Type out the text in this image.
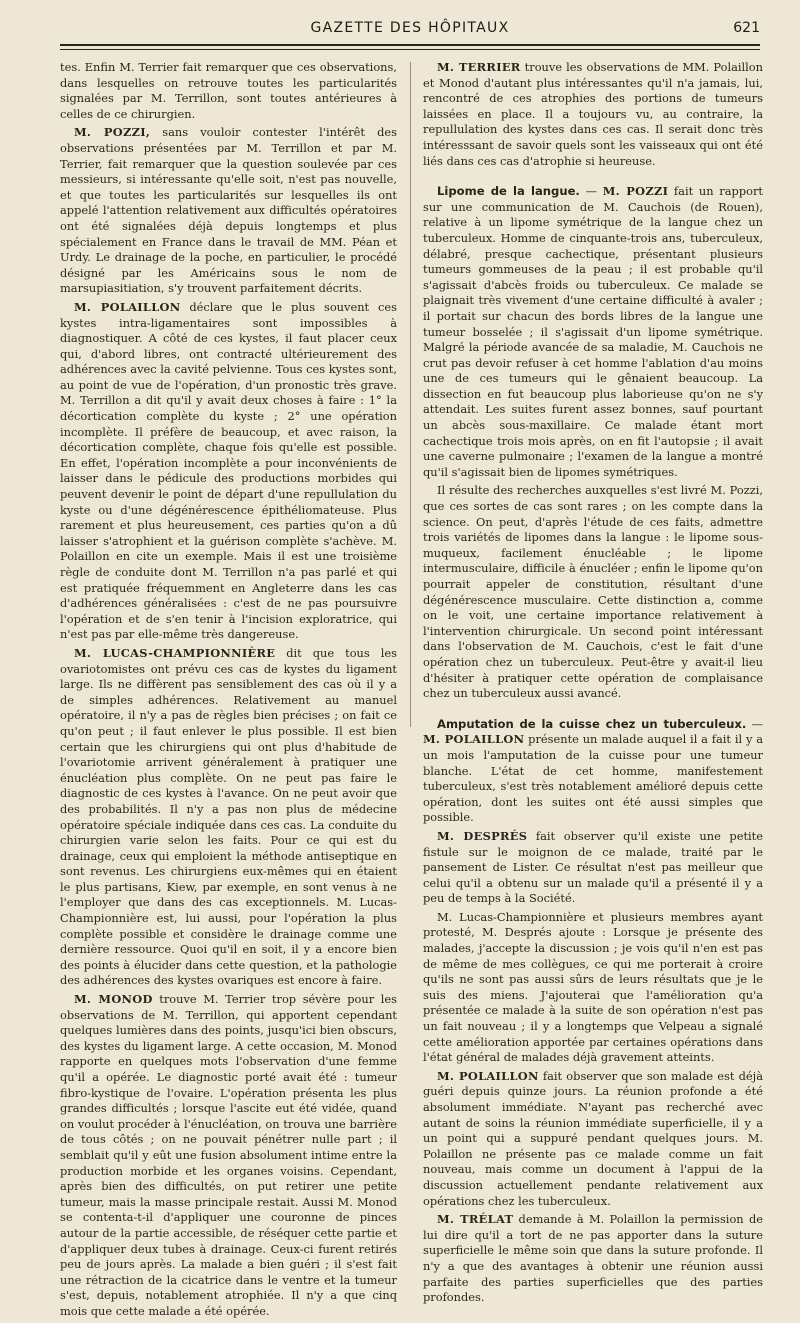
GAZETTE DES HÔPITAUX	621

tes. Enfin M. Terrier fait remarquer que ces observations, dans lesquelles on retrouve toutes les particularités signalées par M. Terrillon, sont toutes antérieures à celles de ce chirurgien.

M. POZZI, sans vouloir contester l'intérêt des observations présentées par M. Terrillon et par M. Terrier, fait remarquer que la question soulevée par ces messieurs, si intéressante qu'elle soit, n'est pas nouvelle, et que toutes les particularités sur lesquelles ils ont appelé l'attention relativement aux difficultés opératoires ont été signalées déjà depuis longtemps et plus spécialement en France dans le travail de MM. Péan et Urdy. Le drainage de la poche, en particulier, le procédé désigné par les Américains sous le nom de marsupiasitiation, s'y trouvent parfaitement décrits.

M. POLAILLON déclare que le plus souvent ces kystes intra-ligamentaires sont impossibles à diagnostiquer. A côté de ces kystes, il faut placer ceux qui, d'abord libres, ont contracté ultérieurement des adhérences avec la cavité pelvienne. Tous ces kystes sont, au point de vue de l'opération, d'un pronostic très grave. M. Terrillon a dit qu'il y avait deux choses à faire : 1° la décortication complète du kyste ; 2° une opération incomplète. Il préfère de beaucoup, et avec raison, la décortication complète, chaque fois qu'elle est possible. En effet, l'opération incomplète a pour inconvénients de laisser dans le pédicule des productions morbides qui peuvent devenir le point de départ d'une repullulation du kyste ou d'une dégénérescence épithéliomateuse. Plus rarement et plus heureusement, ces parties qu'on a dû laisser s'atrophient et la guérison complète s'achève. M. Polaillon en cite un exemple. Mais il est une troisième règle de conduite dont M. Terrillon n'a pas parlé et qui est pratiquée fréquemment en Angleterre dans les cas d'adhérences généralisées : c'est de ne pas poursuivre l'opération et de s'en tenir à l'incision exploratrice, qui n'est pas par elle-même très dangereuse.

M. LUCAS-CHAMPIONNIÈRE dit que tous les ovariotomistes ont prévu ces cas de kystes du ligament large. Ils ne diffèrent pas sensiblement des cas où il y a de simples adhérences. Relativement au manuel opératoire, il n'y a pas de règles bien précises ; on fait ce qu'on peut ; il faut enlever le plus possible. Il est bien certain que les chirurgiens qui ont plus d'habitude de l'ovariotomie arrivent généralement à pratiquer une énucléation plus complète. On ne peut pas faire le diagnostic de ces kystes à l'avance. On ne peut avoir que des probabilités. Il n'y a pas non plus de médecine opératoire spéciale indiquée dans ces cas. La conduite du chirurgien varie selon les faits. Pour ce qui est du drainage, ceux qui emploient la méthode antiseptique en sont revenus. Les chirurgiens eux-mêmes qui en étaient le plus partisans, Kiew, par exemple, en sont venus à ne l'employer que dans des cas exceptionnels. M. Lucas-Championnière est, lui aussi, pour l'opération la plus complète possible et considère le drainage comme une dernière ressource. Quoi qu'il en soit, il y a encore bien des points à élucider dans cette question, et la pathologie des adhérences des kystes ovariques est encore à faire.

M. MONOD trouve M. Terrier trop sévère pour les observations de M. Terrillon, qui apportent cependant quelques lumières dans des points, jusqu'ici bien obscurs, des kystes du ligament large. A cette occasion, M. Monod rapporte en quelques mots l'observation d'une femme qu'il a opérée. Le diagnostic porté avait été : tumeur fibro-kystique de l'ovaire. L'opération présenta les plus grandes difficultés ; lorsque l'ascite eut été vidée, quand on voulut procéder à l'énucléation, on trouva une barrière de tous côtés ; on ne pouvait pénétrer nulle part ; il semblait qu'il y eût une fusion absolument intime entre la production morbide et les organes voisins. Cependant, après bien des difficultés, on put retirer une petite tumeur, mais la masse principale restait. Aussi M. Monod se contenta-t-il d'appliquer une couronne de pinces autour de la partie accessible, de réséquer cette partie et d'appliquer deux tubes à drainage. Ceux-ci furent retirés peu de jours après. La malade a bien guéri ; il s'est fait une rétraction de la cicatrice dans le ventre et la tumeur s'est, depuis, notablement atrophiée. Il n'y a que cinq mois que cette malade a été opérée.

M. TERRIER trouve les observations de MM. Polaillon et Monod d'autant plus intéressantes qu'il n'a jamais, lui, rencontré de ces atrophies des portions de tumeurs laissées en place. Il a toujours vu, au contraire, la repullulation des kystes dans ces cas. Il serait donc très intéresssant de savoir quels sont les vaisseaux qui ont été liés dans ces cas d'atrophie si heureuse.

Lipome de la langue. — M. POZZI fait un rapport sur une communication de M. Cauchois (de Rouen), relative à un lipome symétrique de la langue chez un tuberculeux. Homme de cinquante-trois ans, tuberculeux, délabré, presque cachectique, présentant plusieurs tumeurs gommeuses de la peau ; il est probable qu'il s'agissait d'abcès froids ou tuberculeux. Ce malade se plaignait très vivement d'une certaine difficulté à avaler ; il portait sur chacun des bords libres de la langue une tumeur bosselée ; il s'agissait d'un lipome symétrique. Malgré la période avancée de sa maladie, M. Cauchois ne crut pas devoir refuser à cet homme l'ablation d'au moins une de ces tumeurs qui le gênaient beaucoup. La dissection en fut beaucoup plus laborieuse qu'on ne s'y attendait. Les suites furent assez bonnes, sauf pourtant un abcès sous-maxillaire. Ce malade étant mort cachectique trois mois après, on en fit l'autopsie ; il avait une caverne pulmonaire ; l'examen de la langue a montré qu'il s'agissait bien de lipomes symétriques.

Il résulte des recherches auxquelles s'est livré M. Pozzi, que ces sortes de cas sont rares ; on les compte dans la science. On peut, d'après l'étude de ces faits, admettre trois variétés de lipomes dans la langue : le lipome sous-muqueux, facilement énucléable ; le lipome intermusculaire, difficile à énucléer ; enfin le lipome qu'on pourrait appeler de constitution, résultant d'une dégénérescence musculaire. Cette distinction a, comme on le voit, une certaine importance relativement à l'intervention chirurgicale. Un second point intéressant dans l'observation de M. Cauchois, c'est le fait d'une opération chez un tuberculeux. Peut-être y avait-il lieu d'hésiter à pratiquer cette opération de complaisance chez un tuberculeux aussi avancé.

Amputation de la cuisse chez un tuberculeux. — M. POLAILLON présente un malade auquel il a fait il y a un mois l'amputation de la cuisse pour une tumeur blanche. L'état de cet homme, manifestement tuberculeux, s'est très notablement amélioré depuis cette opération, dont les suites ont été aussi simples que possible.

M. DESPRÉS fait observer qu'il existe une petite fistule sur le moignon de ce malade, traité par le pansement de Lister. Ce résultat n'est pas meilleur que celui qu'il a obtenu sur un malade qu'il a présenté il y a peu de temps à la Société.

M. Lucas-Championnière et plusieurs membres ayant protesté, M. Després ajoute : Lorsque je présente des malades, j'accepte la discussion ; je vois qu'il n'en est pas de même de mes collègues, ce qui me porterait à croire qu'ils ne sont pas aussi sûrs de leurs résultats que je le suis des miens. J'ajouterai que l'amélioration qu'a présentée ce malade à la suite de son opération n'est pas un fait nouveau ; il y a longtemps que Velpeau a signalé cette amélioration apportée par certaines opérations dans l'état général de malades déjà gravement atteints.

M. POLAILLON fait observer que son malade est déjà guéri depuis quinze jours. La réunion profonde a été absolument immédiate. N'ayant pas recherché avec autant de soins la réunion immédiate superficielle, il y a un point qui a suppuré pendant quelques jours. M. Polaillon ne présente pas ce malade comme un fait nouveau, mais comme un document à l'appui de la discussion actuellement pendante relativement aux opérations chez les tuberculeux.

M. TRÉLAT demande à M. Polaillon la permission de lui dire qu'il a tort de ne pas apporter dans la suture superficielle le même soin que dans la suture profonde. Il n'y a que des avantages à obtenir une réunion aussi parfaite des parties superficielles que des parties profondes.
